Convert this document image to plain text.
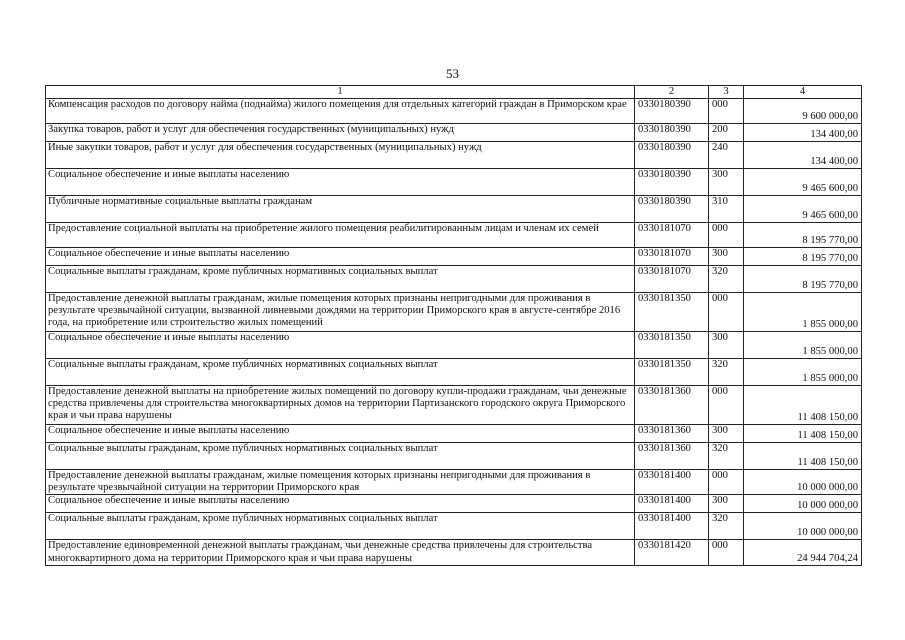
53
1	2	3	4
Компенсация расходов по договору найма (поднайма) жилого помещения для отдельных категорий граждан в Приморском крае	0330180390	000	9 600 000,00
Закупка товаров, работ и услуг для обеспечения государственных (муниципальных) нужд	0330180390	200	134 400,00
Иные закупки товаров, работ и услуг для обеспечения государственных (муниципальных) нужд	0330180390	240	134 400,00
Социальное обеспечение и иные выплаты населению	0330180390	300	9 465 600,00
Публичные нормативные социальные выплаты гражданам	0330180390	310	9 465 600,00
Предоставление социальной выплаты на приобретение жилого помещения реабилитированным лицам и членам их семей	0330181070	000	8 195 770,00
Социальное обеспечение и иные выплаты населению	0330181070	300	8 195 770,00
Социальные выплаты гражданам, кроме публичных нормативных социальных выплат	0330181070	320	8 195 770,00
Предоставление денежной выплаты гражданам, жилые помещения которых признаны непригодными для проживания в результате чрезвычайной ситуации, вызванной ливневыми дождями на территории Приморского края в августе-сентябре 2016 года, на приобретение или строительство жилых помещений	0330181350	000	1 855 000,00
Социальное обеспечение и иные выплаты населению	0330181350	300	1 855 000,00
Социальные выплаты гражданам, кроме публичных нормативных социальных выплат	0330181350	320	1 855 000,00
Предоставление денежной выплаты на приобретение жилых помещений по договору купли-продажи гражданам, чьи денежные средства привлечены для строительства многоквартирных домов на территории Партизанского городского округа Приморского края и чьи права нарушены	0330181360	000	11 408 150,00
Социальное обеспечение и иные выплаты населению	0330181360	300	11 408 150,00
Социальные выплаты гражданам, кроме публичных нормативных социальных выплат	0330181360	320	11 408 150,00
Предоставление денежной выплаты гражданам, жилые помещения которых признаны непригодными для проживания в результате чрезвычайной ситуации на территории Приморского края	0330181400	000	10 000 000,00
Социальное обеспечение и иные выплаты населению	0330181400	300	10 000 000,00
Социальные выплаты гражданам, кроме публичных нормативных социальных выплат	0330181400	320	10 000 000,00
Предоставление единовременной денежной выплаты гражданам, чьи денежные средства привлечены для строительства многоквартирного дома на территории Приморского края и чьи права нарушены	0330181420	000	24 944 704,24
